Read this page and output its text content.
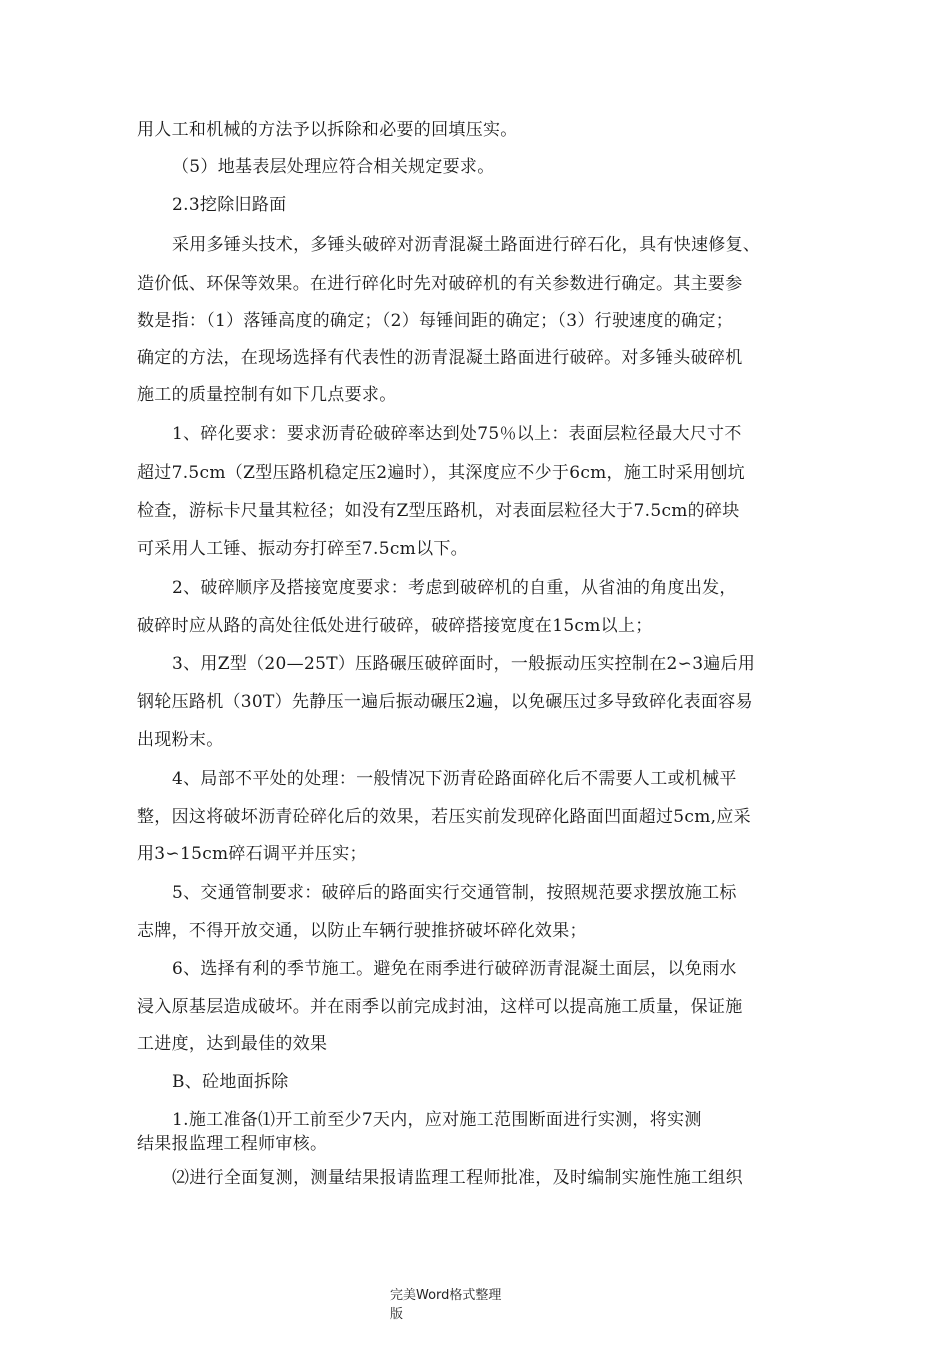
用人工和机械的方法予以拆除和必要的回填压实。
（5）地基表层处理应符合相关规定要求。
2.3挖除旧路面
采用多锤头技术，多锤头破碎对沥青混凝土路面进行碎石化，具有快速修复、
造价低、环保等效果。在进行碎化时先对破碎机的有关参数进行确定。其主要参
数是指：（1）落锤高度的确定；（2）每锤间距的确定；（3）行驶速度的确定；
确定的方法，在现场选择有代表性的沥青混凝土路面进行破碎。对多锤头破碎机
施工的质量控制有如下几点要求。
1、碎化要求：要求沥青砼破碎率达到处75％以上：表面层粒径最大尺寸不
超过7.5cm（Z型压路机稳定压2遍时），其深度应不少于6cm，施工时采用刨坑
检查，游标卡尺量其粒径；如没有Z型压路机，对表面层粒径大于7.5cm的碎块
可采用人工锤、振动夯打碎至7.5cm以下。
2、破碎顺序及搭接宽度要求：考虑到破碎机的自重，从省油的角度出发，
破碎时应从路的高处往低处进行破碎，破碎搭接宽度在15cm以上；
3、用Z型（20—25T）压路碾压破碎面时，一般振动压实控制在2∽3遍后用
钢轮压路机（30T）先静压一遍后振动碾压2遍，以免碾压过多导致碎化表面容易
出现粉末。
4、局部不平处的处理：一般情况下沥青砼路面碎化后不需要人工或机械平
整，因这将破坏沥青砼碎化后的效果，若压实前发现碎化路面凹面超过5cm,应采
用3∽15cm碎石调平并压实；
5、交通管制要求：破碎后的路面实行交通管制，按照规范要求摆放施工标
志牌，不得开放交通，以防止车辆行驶推挤破坏碎化效果；
6、选择有利的季节施工。避免在雨季进行破碎沥青混凝土面层，以免雨水
浸入原基层造成破坏。并在雨季以前完成封油，这样可以提高施工质量，保证施
工进度，达到最佳的效果
B、砼地面拆除
1.施工准备⑴开工前至少7天内，应对施工范围断面进行实测，将实测
结果报监理工程师审核。
⑵进行全面复测，测量结果报请监理工程师批准，及时编制实施性施工组织
完美Word格式整理
版
